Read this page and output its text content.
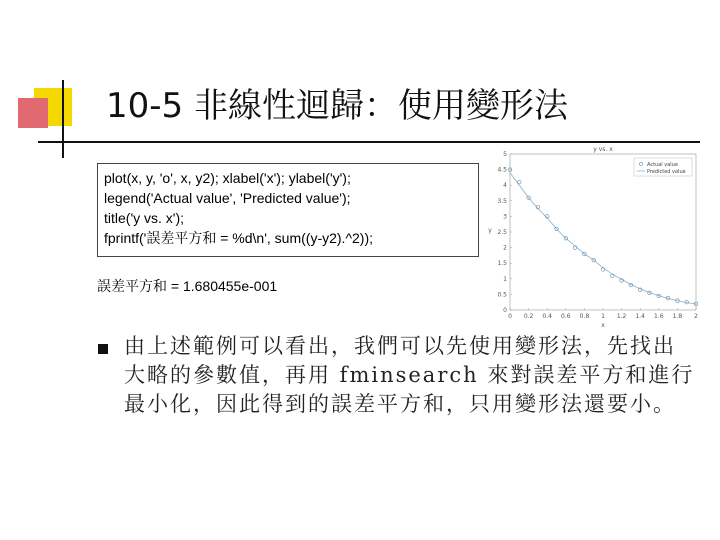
10-5 非線性迴歸：使用變形法
plot(x, y, 'o', x, y2); xlabel('x'); ylabel('y');
legend('Actual value', 'Predicted value');
title('y vs. x');
fprintf('誤差平方和 = %d\n', sum((y-y2).^2));
誤差平方和 = 1.680455e-001
由上述範例可以看出，我們可以先使用變形法，先找出大略的參數值，再用 fminsearch 來對誤差平方和進行最小化，因此得到的誤差平方和，只用變形法還要小。
y vs. x
0 0.2 0.4 0.6 0.8 1 1.2 1.4 1.6 1.8 2
x
0
0.5
1
1.5
2
2.5
3
3.5
4
4.5
5
y
Actual value
Predicted value
